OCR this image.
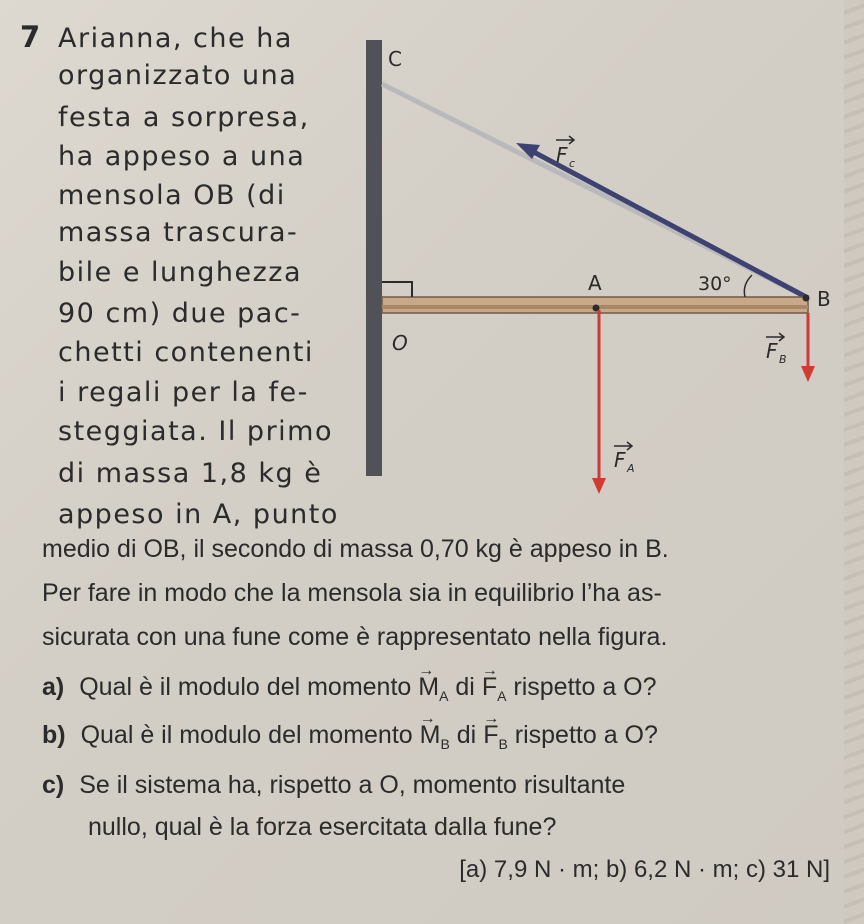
7 Arianna, che ha
organizzato una
festa a sorpresa,
ha appeso a una
mensola OB (di
massa trascura-
bile e lunghezza
90 cm) due pac-
chetti contenenti
i regali per la fe-
steggiata. Il primo
di massa 1,8 kg è
appeso in A, punto
C
O
A
B
30°
F c
F B
F A
medio di OB, il secondo di massa 0,70 kg è appeso in B.
Per fare in modo che la mensola sia in equilibrio l’ha as-
sicurata con una fune come è rappresentato nella figura.
a) Qual è il modulo del momento → $M_A$ di → $F_A$ rispetto a O?
b) Qual è il modulo del momento → $M_B$ di → $F_B$ rispetto a O?
c) Se il sistema ha, rispetto a O, momento risultante
nullo, qual è la forza esercitata dalla fune?
[a) 7,9 N · m; b) 6,2 N · m; c) 31 N]
